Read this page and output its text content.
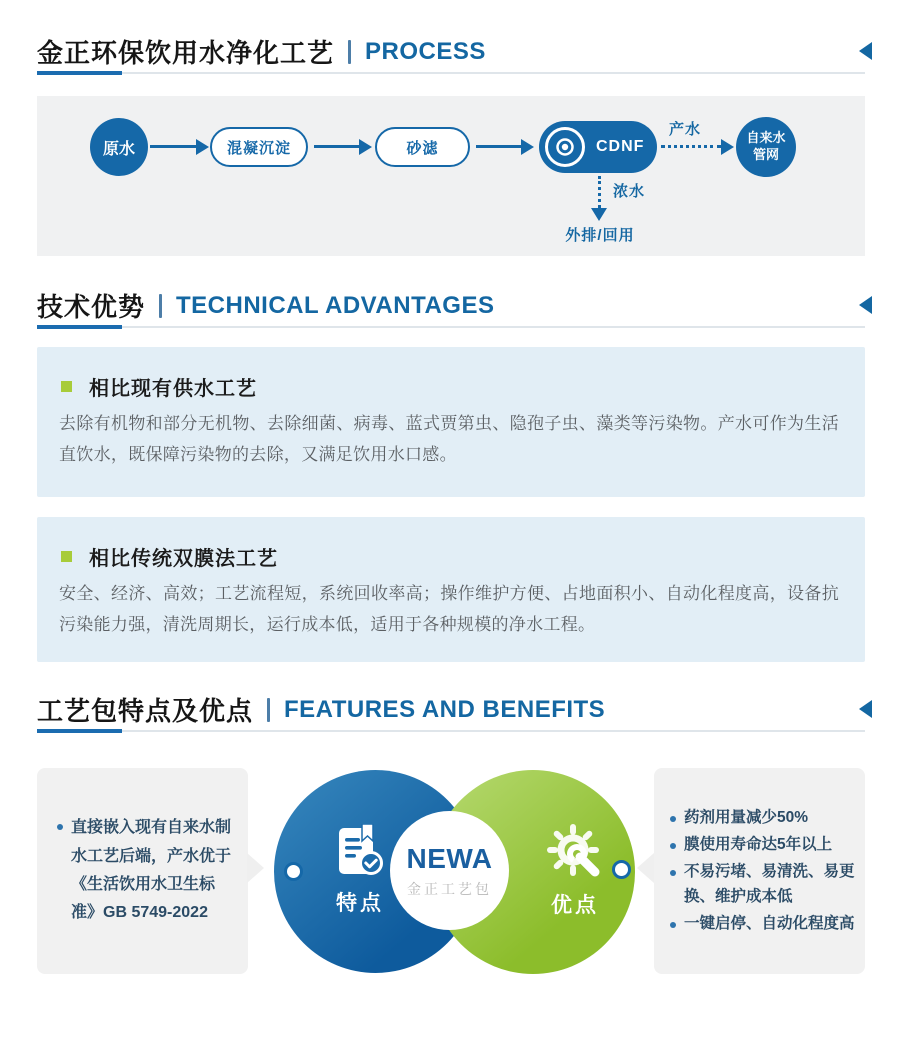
金正环保饮用水净化工艺 PROCESS
原水	混凝沉淀	砂滤	CDNF
产水	自来水
管网
浓水
外排/回用
技术优势 TECHNICAL ADVANTAGES
相比现有供水工艺
去除有机物和部分无机物、去除细菌、病毒、蓝式贾第虫、隐孢子虫、藻类等污染物。产水可作为生活直饮水，既保障污染物的去除，又满足饮用水口感。
相比传统双膜法工艺
安全、经济、高效；工艺流程短，系统回收率高；操作维护方便、占地面积小、自动化程度高，设备抗污染能力强，清洗周期长，运行成本低，适用于各种规模的净水工程。
工艺包特点及优点 FEATURES AND BENEFITS
直接嵌入现有自来水制水工艺后端，产水优于《生活饮用水卫生标准》GB 5749-2022
药剂用量减少50%
膜使用寿命达5年以上
不易污堵、易清洗、易更换、维护成本低
一键启停、自动化程度高
特点	优点
NEWA
金正工艺包
